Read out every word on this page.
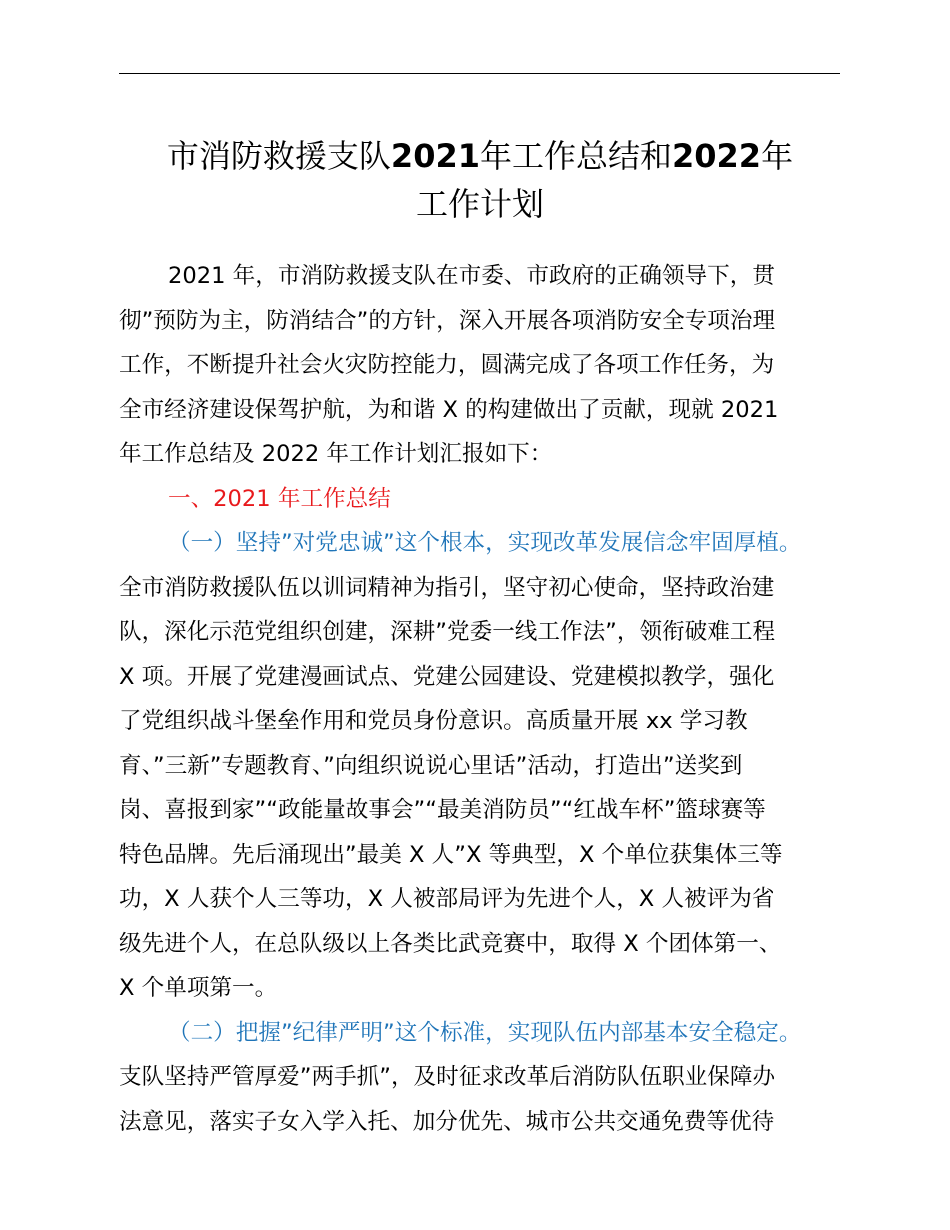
市消防救援支队2021年工作总结和2022年
工作计划
2021 年，市消防救援支队在市委、市政府的正确领导下，贯
彻”预防为主，防消结合”的方针，深入开展各项消防安全专项治理
工作，不断提升社会火灾防控能力，圆满完成了各项工作任务，为
全市经济建设保驾护航，为和谐 X 的构建做出了贡献，现就 2021
年工作总结及 2022 年工作计划汇报如下：
一、2021 年工作总结
（一）坚持”对党忠诚”这个根本，实现改革发展信念牢固厚植。
全市消防救援队伍以训词精神为指引，坚守初心使命，坚持政治建
队，深化示范党组织创建，深耕”党委一线工作法”，领衔破难工程
X 项。开展了党建漫画试点、党建公园建设、党建模拟教学，强化
了党组织战斗堡垒作用和党员身份意识。高质量开展 xx 学习教
育、”三新”专题教育、”向组织说说心里话”活动，打造出”送奖到
岗、喜报到家”“政能量故事会”“最美消防员”“红战车杯”篮球赛等
特色品牌。先后涌现出”最美 X 人”X 等典型，X 个单位获集体三等
功，X 人获个人三等功，X 人被部局评为先进个人，X 人被评为省
级先进个人，在总队级以上各类比武竞赛中，取得 X 个团体第一、
X 个单项第一。
（二）把握”纪律严明”这个标准，实现队伍内部基本安全稳定。
支队坚持严管厚爱”两手抓”，及时征求改革后消防队伍职业保障办
法意见，落实子女入学入托、加分优先、城市公共交通免费等优待
